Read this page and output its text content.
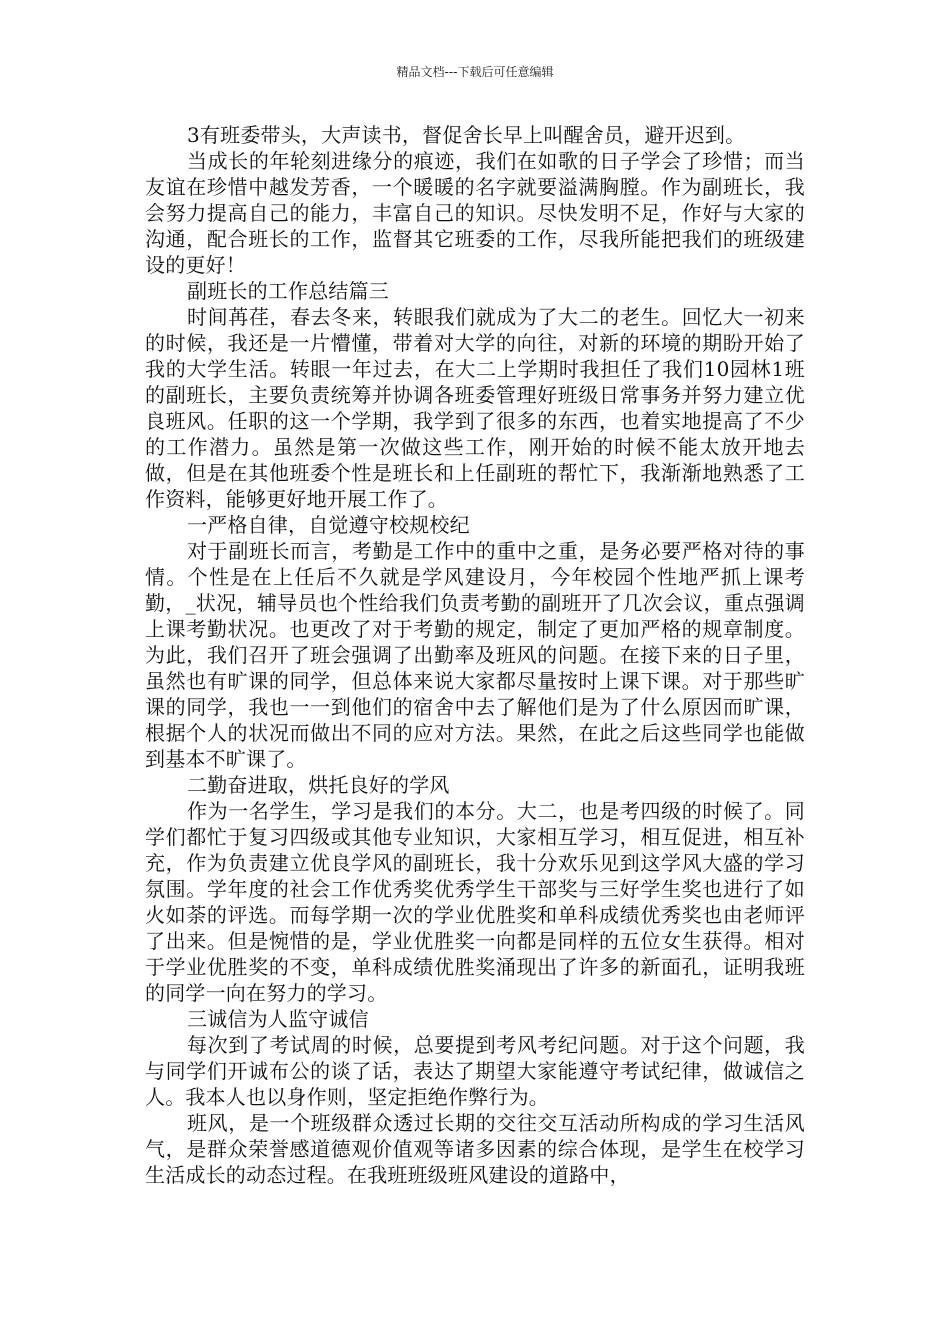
精品文档---下载后可任意编辑

3有班委带头，大声读书，督促舍长早上叫醒舍员，避开迟到。

当成长的年轮刻进缘分的痕迹，我们在如歌的日子学会了珍惜；而当友谊在珍惜中越发芳香，一个暖暖的名字就要溢满胸膛。作为副班长，我会努力提高自己的能力，丰富自己的知识。尽快发明不足，作好与大家的沟通，配合班长的工作，监督其它班委的工作，尽我所能把我们的班级建设的更好！

副班长的工作总结篇三

时间苒荏，春去冬来，转眼我们就成为了大二的老生。回忆大一初来的时候，我还是一片懵懂，带着对大学的向往，对新的环境的期盼开始了我的大学生活。转眼一年过去，在大二上学期时我担任了我们10园林1班的副班长，主要负责统筹并协调各班委管理好班级日常事务并努力建立优良班风。任职的这一个学期，我学到了很多的东西，也着实地提高了不少的工作潜力。虽然是第一次做这些工作，刚开始的时候不能太放开地去做，但是在其他班委个性是班长和上任副班的帮忙下，我渐渐地熟悉了工作资料，能够更好地开展工作了。

一严格自律，自觉遵守校规校纪

对于副班长而言，考勤是工作中的重中之重，是务必要严格对待的事情。个性是在上任后不久就是学风建设月，今年校园个性地严抓上课考勤，_状况，辅导员也个性给我们负责考勤的副班开了几次会议，重点强调上课考勤状况。也更改了对于考勤的规定，制定了更加严格的规章制度。为此，我们召开了班会强调了出勤率及班风的问题。在接下来的日子里，虽然也有旷课的同学，但总体来说大家都尽量按时上课下课。对于那些旷课的同学，我也一一到他们的宿舍中去了解他们是为了什么原因而旷课，根据个人的状况而做出不同的应对方法。果然，在此之后这些同学也能做到基本不旷课了。

二勤奋进取，烘托良好的学风

作为一名学生，学习是我们的本分。大二，也是考四级的时候了。同学们都忙于复习四级或其他专业知识，大家相互学习，相互促进，相互补充，作为负责建立优良学风的副班长，我十分欢乐见到这学风大盛的学习氛围。学年度的社会工作优秀奖优秀学生干部奖与三好学生奖也进行了如火如荼的评选。而每学期一次的学业优胜奖和单科成绩优秀奖也由老师评了出来。但是惋惜的是，学业优胜奖一向都是同样的五位女生获得。相对于学业优胜奖的不变，单科成绩优胜奖涌现出了许多的新面孔，证明我班的同学一向在努力的学习。

三诚信为人监守诚信

每次到了考试周的时候，总要提到考风考纪问题。对于这个问题，我与同学们开诚布公的谈了话，表达了期望大家能遵守考试纪律，做诚信之人。我本人也以身作则，坚定拒绝作弊行为。

班风，是一个班级群众透过长期的交往交互活动所构成的学习生活风气，是群众荣誉感道德观价值观等诸多因素的综合体现，是学生在校学习生活成长的动态过程。在我班班级班风建设的道路中，
